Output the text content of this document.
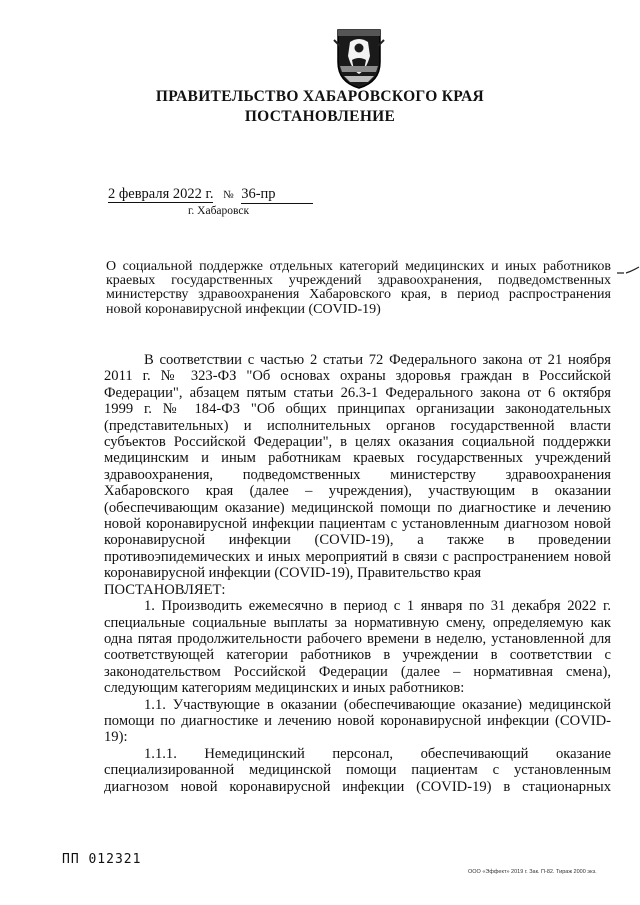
ПРАВИТЕЛЬСТВО ХАБАРОВСКОГО КРАЯ
ПОСТАНОВЛЕНИЕ
2 февраля 2022 г. № 36-пр
г. Хабаровск
О социальной поддержке отдельных категорий медицинских и иных работников краевых государственных учреждений здравоохранения, подведомственных министерству здравоохранения Хабаровского края, в период распространения новой коронавирусной инфекции (COVID-19)

В соответствии с частью 2 статьи 72 Федерального закона от 21 ноября 2011 г. № 323-ФЗ "Об основах охраны здоровья граждан в Российской Федерации", абзацем пятым статьи 26.3-1 Федерального закона от 6 октября 1999 г. № 184-ФЗ "Об общих принципах организации законодательных (представительных) и исполнительных органов государственной власти субъектов Российской Федерации", в целях оказания социальной поддержки медицинским и иным работникам краевых государственных учреждений здравоохранения, подведомственных министерству здравоохранения Хабаровского края (далее – учреждения), участвующим в оказании (обеспечивающим оказание) медицинской помощи по диагностике и лечению новой коронавирусной инфекции пациентам с установленным диагнозом новой коронавирусной инфекции (COVID-19), а также в проведении противоэпидемических и иных мероприятий в связи с распространением новой коронавирусной инфекции (COVID-19), Правительство края

ПОСТАНОВЛЯЕТ:

1. Производить ежемесячно в период с 1 января по 31 декабря 2022 г. специальные социальные выплаты за нормативную смену, определяемую как одна пятая продолжительности рабочего времени в неделю, установленной для соответствующей категории работников в учреждении в соответствии с законодательством Российской Федерации (далее – нормативная смена), следующим категориям медицинских и иных работников:

1.1. Участвующие в оказании (обеспечивающие оказание) медицинской помощи по диагностике и лечению новой коронавирусной инфекции (COVID-19):

1.1.1. Немедицинский персонал, обеспечивающий оказание специализированной медицинской помощи пациентам с установленным диагнозом новой коронавирусной инфекции (COVID-19) в стационарных

ПП 012321
ООО «Эффект» 2019 г. Зак. П-82. Тираж 2000 экз.
